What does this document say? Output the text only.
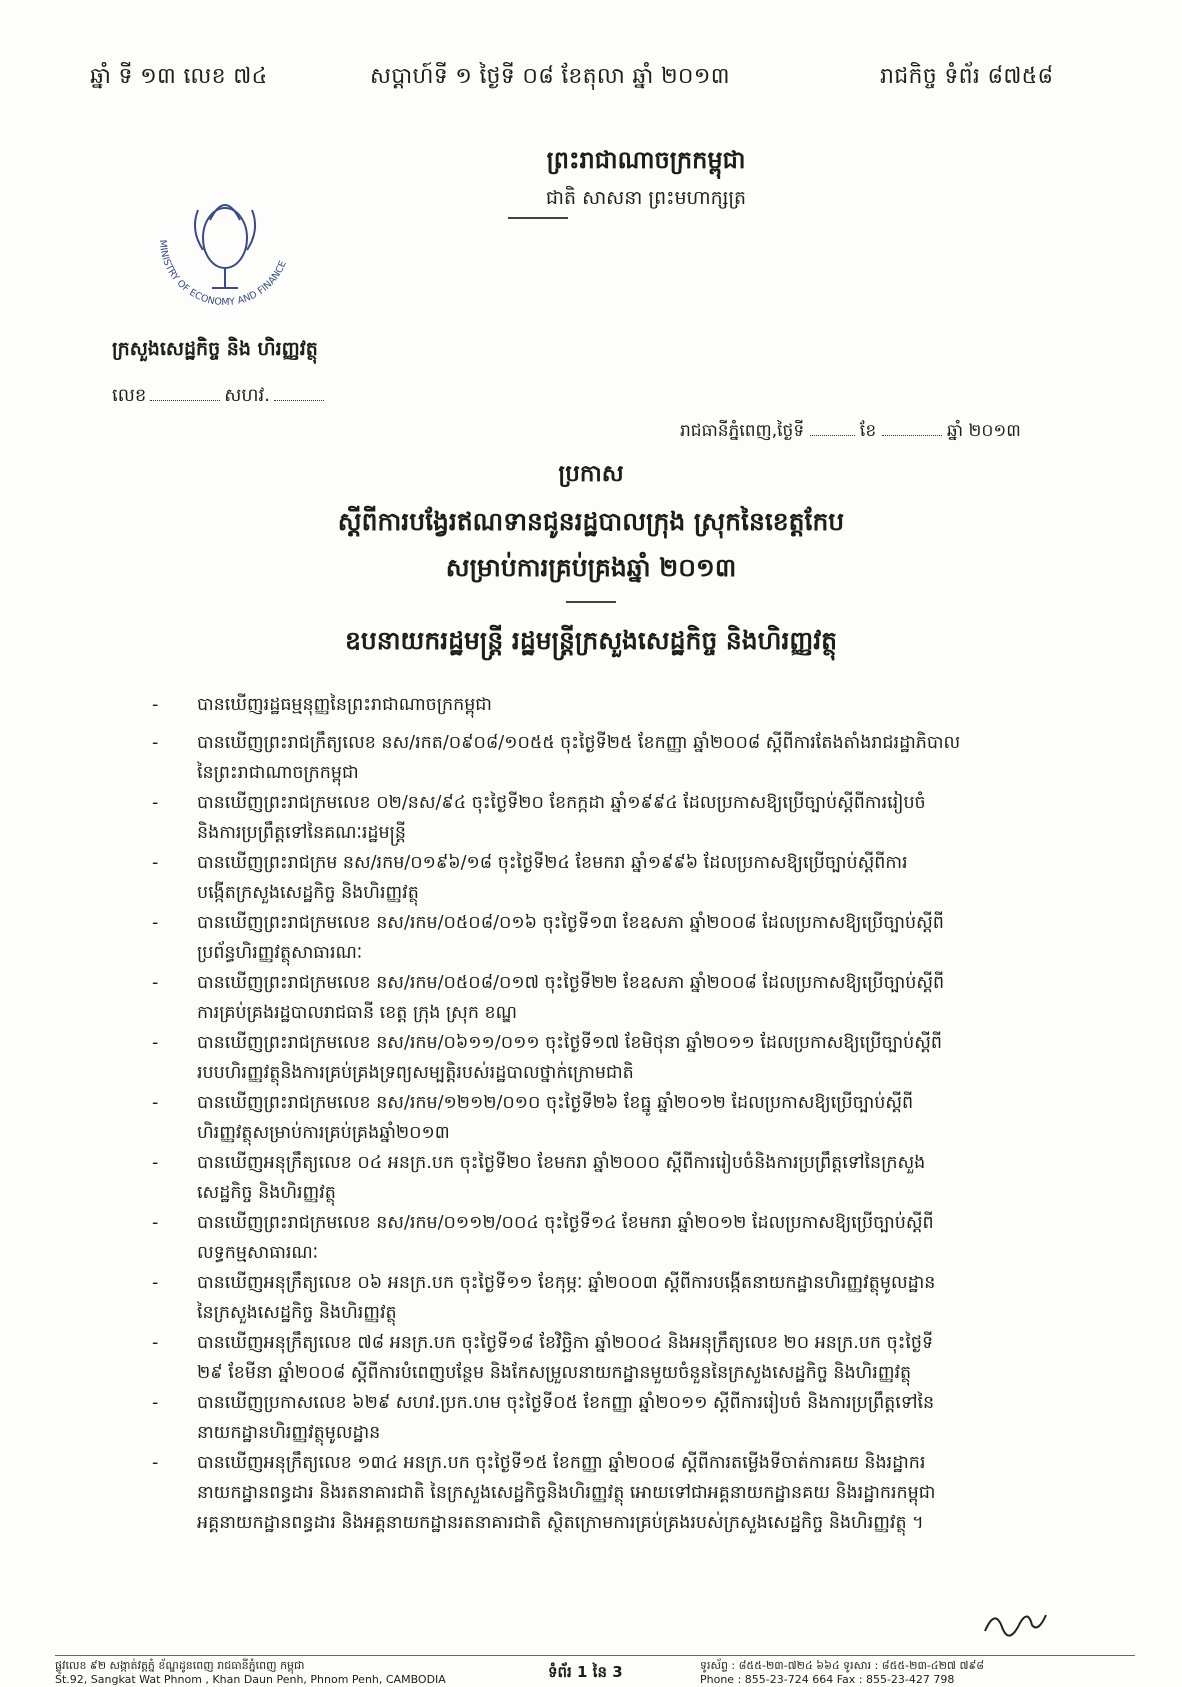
ឆ្នាំ ទី ១៣ លេខ ៧៤	សប្តាហ៍ទី ១ ថ្ងៃទី ០៨ ខែតុលា ឆ្នាំ ២០១៣	រាជកិច្ច ទំព័រ ៨៧៥៨
MINISTRY OF ECONOMY AND FINANCE
ព្រះរាជាណាចក្រកម្ពុជា
ជាតិ សាសនា ព្រះមហាក្សត្រ
ក្រសួងសេដ្ឋកិច្ច និង ហិរញ្ញវត្ថុ
លេខ	សហវ.
រាជធានីភ្នំពេញ,ថ្ងៃទី	ខែ	ឆ្នាំ ២០១៣
ប្រកាស
ស្តីពីការបង្វែរឥណទានជូនរដ្ឋបាលក្រុង ស្រុកនៃខេត្តកែប
សម្រាប់ការគ្រប់គ្រងឆ្នាំ ២០១៣
ឧបនាយករដ្ឋមន្ត្រី រដ្ឋមន្ត្រីក្រសួងសេដ្ឋកិច្ច និងហិរញ្ញវត្ថុ
- បានឃើញរដ្ឋធម្មនុញ្ញនៃព្រះរាជាណាចក្រកម្ពុជា
- បានឃើញព្រះរាជក្រឹត្យលេខ នស/រកត/០៩០៨/១០៥៥ ចុះថ្ងៃទី២៥ ខែកញ្ញា ឆ្នាំ២០០៨ ស្តីពីការតែងតាំងរាជរដ្ឋាភិបាល
នៃព្រះរាជាណាចក្រកម្ពុជា
- បានឃើញព្រះរាជក្រមលេខ ០២/នស/៩៤ ចុះថ្ងៃទី២០ ខែកក្កដា ឆ្នាំ១៩៩៤ ដែលប្រកាសឱ្យប្រើច្បាប់ស្តីពីការរៀបចំ
និងការប្រព្រឹត្តទៅនៃគណៈរដ្ឋមន្ត្រី
- បានឃើញព្រះរាជក្រម នស/រកម/០១៩៦/១៨ ចុះថ្ងៃទី២៤ ខែមករា ឆ្នាំ១៩៩៦ ដែលប្រកាសឱ្យប្រើច្បាប់ស្តីពីការ
បង្កើតក្រសួងសេដ្ឋកិច្ច និងហិរញ្ញវត្ថុ
- បានឃើញព្រះរាជក្រមលេខ នស/រកម/០៥០៨/០១៦ ចុះថ្ងៃទី១៣ ខែឧសភា ឆ្នាំ២០០៨ ដែលប្រកាសឱ្យប្រើច្បាប់ស្តីពី
ប្រព័ន្ធហិរញ្ញវត្ថុសាធារណៈ
- បានឃើញព្រះរាជក្រមលេខ នស/រកម/០៥០៨/០១៧ ចុះថ្ងៃទី២២ ខែឧសភា ឆ្នាំ២០០៨ ដែលប្រកាសឱ្យប្រើច្បាប់ស្តីពី
ការគ្រប់គ្រងរដ្ឋបាលរាជធានី ខេត្ត ក្រុង ស្រុក ខណ្ឌ
- បានឃើញព្រះរាជក្រមលេខ នស/រកម/០៦១១/០១១ ចុះថ្ងៃទី១៧ ខែមិថុនា ឆ្នាំ២០១១ ដែលប្រកាសឱ្យប្រើច្បាប់ស្តីពី
របបហិរញ្ញវត្ថុនិងការគ្រប់គ្រងទ្រព្យសម្បត្តិរបស់រដ្ឋបាលថ្នាក់ក្រោមជាតិ
- បានឃើញព្រះរាជក្រមលេខ នស/រកម/១២១២/០១០ ចុះថ្ងៃទី២៦ ខែធ្នូ ឆ្នាំ២០១២ ដែលប្រកាសឱ្យប្រើច្បាប់ស្តីពី
ហិរញ្ញវត្ថុសម្រាប់ការគ្រប់គ្រងឆ្នាំ២០១៣
- បានឃើញអនុក្រឹត្យលេខ ០៤ អនក្រ.បក ចុះថ្ងៃទី២០ ខែមករា ឆ្នាំ២០០០ ស្តីពីការរៀបចំនិងការប្រព្រឹត្តទៅនៃក្រសួង
សេដ្ឋកិច្ច និងហិរញ្ញវត្ថុ
- បានឃើញព្រះរាជក្រមលេខ នស/រកម/០១១២/០០៤ ចុះថ្ងៃទី១៤ ខែមករា ឆ្នាំ២០១២ ដែលប្រកាសឱ្យប្រើច្បាប់ស្តីពី
លទ្ធកម្មសាធារណៈ
- បានឃើញអនុក្រឹត្យលេខ ០៦ អនក្រ.បក ចុះថ្ងៃទី១១ ខែកុម្ភៈ ឆ្នាំ២០០៣ ស្តីពីការបង្កើតនាយកដ្ឋានហិរញ្ញវត្ថុមូលដ្ឋាន
នៃក្រសួងសេដ្ឋកិច្ច និងហិរញ្ញវត្ថុ
- បានឃើញអនុក្រឹត្យលេខ ៧៨ អនក្រ.បក ចុះថ្ងៃទី១៨ ខែវិច្ឆិកា ឆ្នាំ២០០៤ និងអនុក្រឹត្យលេខ ២០ អនក្រ.បក ចុះថ្ងៃទី
២៩ ខែមីនា ឆ្នាំ២០០៨ ស្តីពីការបំពេញបន្ថែម និងកែសម្រួលនាយកដ្ឋានមួយចំនួននៃក្រសួងសេដ្ឋកិច្ច និងហិរញ្ញវត្ថុ
- បានឃើញប្រកាសលេខ ៦២៩ សហវ.ប្រក.ហម ចុះថ្ងៃទី០៥ ខែកញ្ញា ឆ្នាំ២០១១ ស្តីពីការរៀបចំ និងការប្រព្រឹត្តទៅនៃ
នាយកដ្ឋានហិរញ្ញវត្ថុមូលដ្ឋាន
- បានឃើញអនុក្រឹត្យលេខ ១៣៤ អនក្រ.បក ចុះថ្ងៃទី១៥ ខែកញ្ញា ឆ្នាំ២០០៨ ស្តីពីការតម្លើងទីចាត់ការគយ និងរដ្ឋាករ
នាយកដ្ឋានពន្ធដារ និងរតនាគារជាតិ នៃក្រសួងសេដ្ឋកិច្ចនិងហិរញ្ញវត្ថុ អោយទៅជាអគ្គនាយកដ្ឋានគយ និងរដ្ឋាករកម្ពុជា
អគ្គនាយកដ្ឋានពន្ធដារ និងអគ្គនាយកដ្ឋានរតនាគារជាតិ ស្ថិតក្រោមការគ្រប់គ្រងរបស់ក្រសួងសេដ្ឋកិច្ច និងហិរញ្ញវត្ថុ ។
ផ្លូវលេខ ៩២ សង្កាត់វត្តភ្នំ ខ័ណ្ឌដូនពេញ រាជធានីភ្នំពេញ កម្ពុជា
St.92, Sangkat Wat Phnom , Khan Daun Penh, Phnom Penh, CAMBODIA	ទំព័រ 1 នៃ 3	ទូរស័ព្ទ : ៨៥៥-២៣-៧២៤ ៦៦៤ ទូរសារ : ៨៥៥-២៣-៤២៧ ៧៩៨
Phone : 855-23-724 664 Fax : 855-23-427 798
